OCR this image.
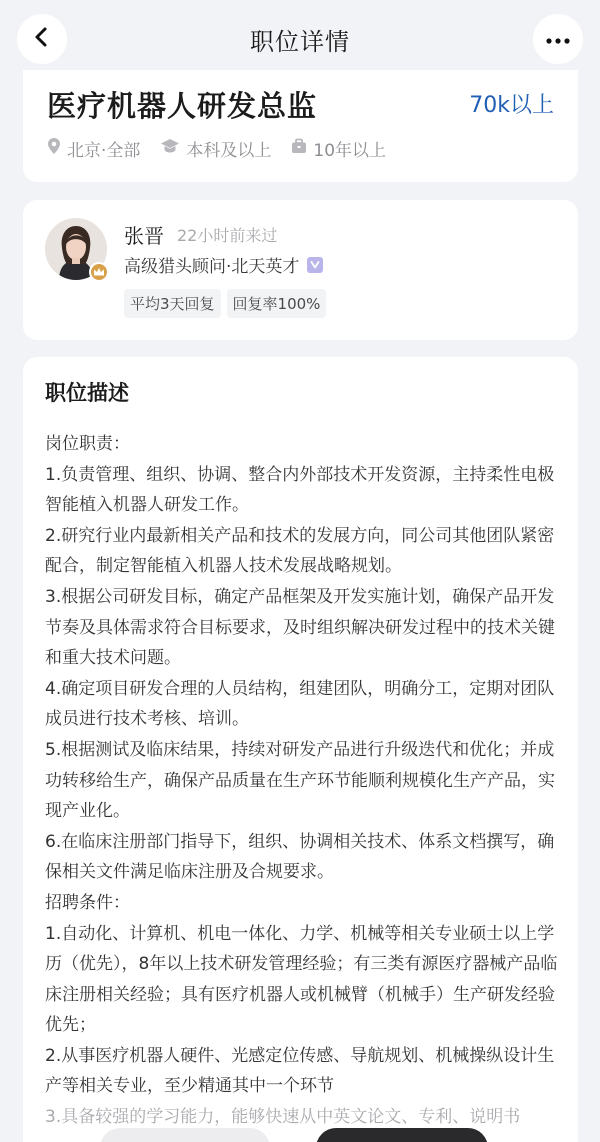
职位详情
医疗机器人研发总监	70k以上
北京·全部	本科及以上 10年以上
张晋 22小时前来过
高级猎头顾问·北天英才
平均3天回复	回复率100%
职位描述

岗位职责：

1.负责管理、组织、协调、整合内外部技术开发资源，主持柔性电极智能植入机器人研发工作。

2.研究行业内最新相关产品和技术的发展方向，同公司其他团队紧密配合，制定智能植入机器人技术发展战略规划。

3.根据公司研发目标，确定产品框架及开发实施计划，确保产品开发节奏及具体需求符合目标要求，及时组织解决研发过程中的技术关键和重大技术问题。

4.确定项目研发合理的人员结构，组建团队，明确分工，定期对团队成员进行技术考核、培训。

5.根据测试及临床结果，持续对研发产品进行升级迭代和优化；并成功转移给生产，确保产品质量在生产环节能顺利规模化生产产品，实现产业化。

6.在临床注册部门指导下，组织、协调相关技术、体系文档撰写，确保相关文件满足临床注册及合规要求。

招聘条件：

1.自动化、计算机、机电一体化、力学、机械等相关专业硕士以上学历（优先），8年以上技术研发管理经验；有三类有源医疗器械产品临床注册相关经验；具有医疗机器人或机械臂（机械手）生产研发经验优先；

2.从事医疗机器人硬件、光感定位传感、导航规划、机械操纵设计生产等相关专业，至少精通其中一个环节

3.具备较强的学习能力，能够快速从中英文论文、专利、说明书
